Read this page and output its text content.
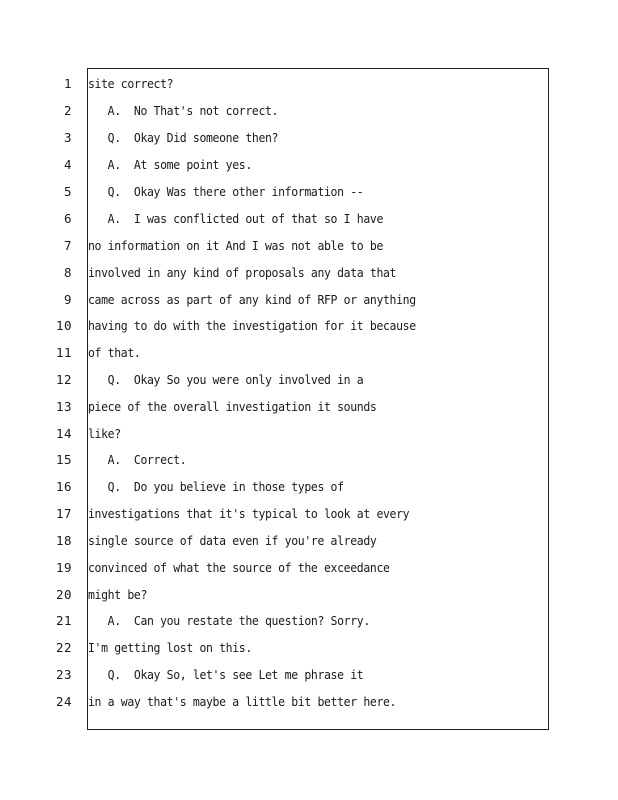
1 site correct?
2 A.  No That's not correct.
3 Q.  Okay Did someone then?
4 A.  At some point yes.
5 Q.  Okay Was there other information --
6 A.  I was conflicted out of that so I have
7 no information on it And I was not able to be
8 involved in any kind of proposals any data that
9 came across as part of any kind of RFP or anything
10 having to do with the investigation for it because
11 of that.
12 Q.  Okay So you were only involved in a
13 piece of the overall investigation it sounds
14 like?
15 A.  Correct.
16 Q.  Do you believe in those types of
17 investigations that it's typical to look at every
18 single source of data even if you're already
19 convinced of what the source of the exceedance
20 might be?
21 A.  Can you restate the question? Sorry.
22 I'm getting lost on this.
23 Q.  Okay So, let's see Let me phrase it
24 in a way that's maybe a little bit better here.
